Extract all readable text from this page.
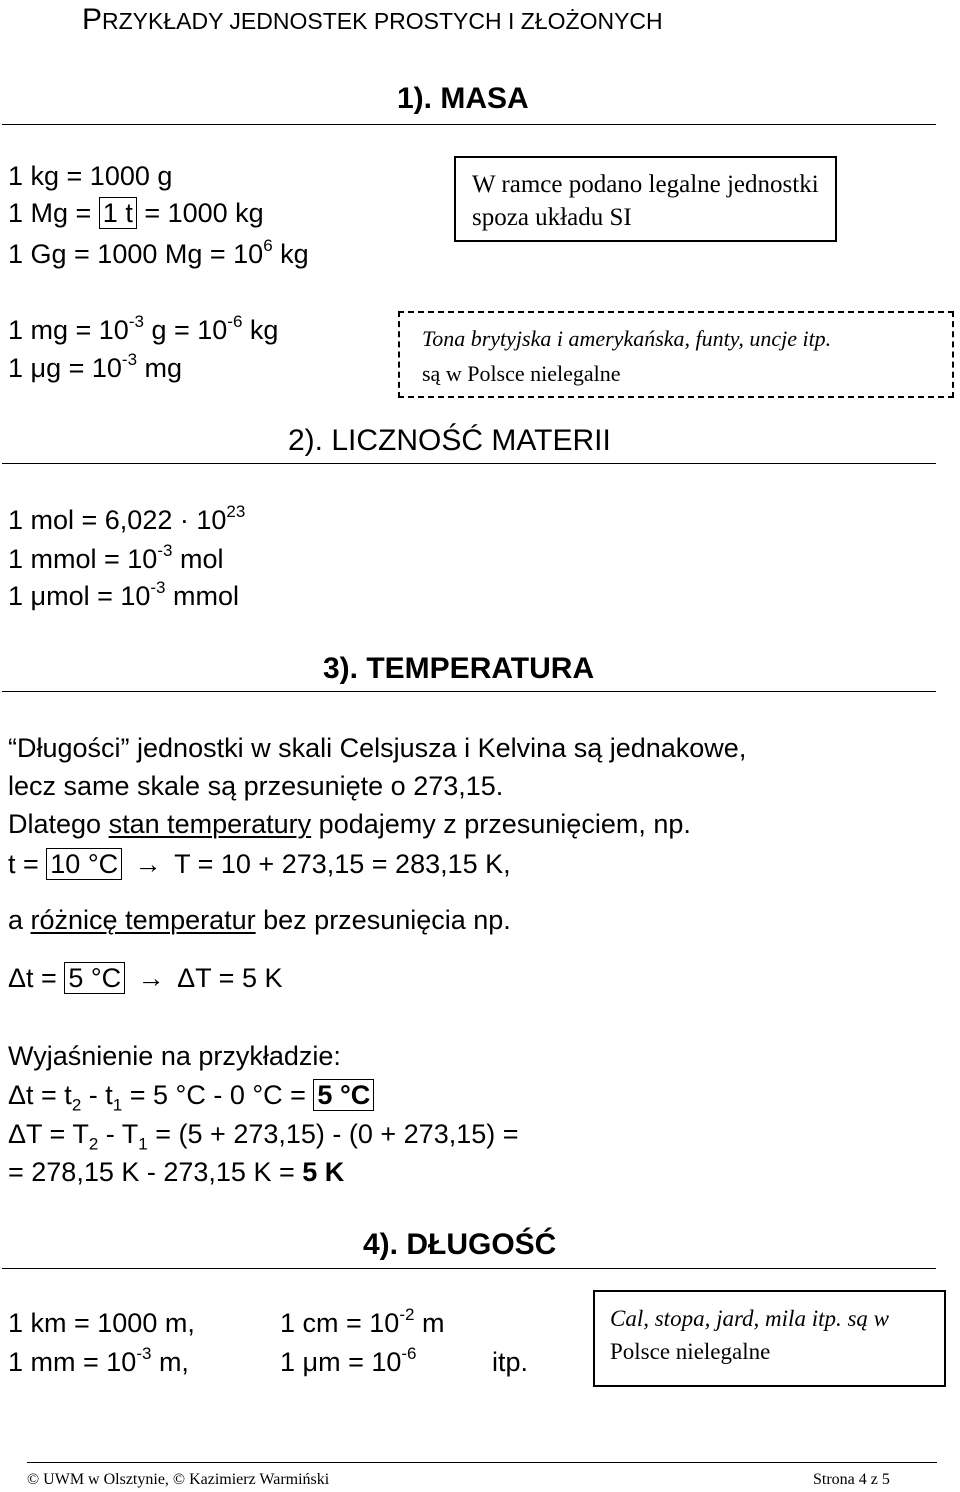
PRZYKŁADY JEDNOSTEK PROSTYCH I ZŁOŻONYCH
1). MASA
1 kg = 1000 g
1 Mg = 1 t = 1000 kg
1 Gg = 1000 $Mg = 10^6$ kg
1 mg = $10^{-3}$ $g = 10^{-6}$ kg
1 $\mu g = 10^{-3}$ mg
W ramce podano legalne jednostki spoza układu SI
Tona brytyjska i amerykańska, funty, uncje itp.
są w Polsce nielegalne
2). LICZNOŚĆ MATERII
1 mol = $6,022 \cdot 10^{23}$
1 mmol = $10^{-3}$ mol
1 $\mu mol = 10^{-3}$ mmol
3). TEMPERATURA
“Długości” jednostki w skali Celsjusza i Kelvina są jednakowe,
lecz same skale są przesunięte o 273,15.
Dlatego stan temperatury podajemy z przesunięciem, np.
t = 10 °C → T = 10 + 273,15 = 283,15 K,
a różnicę temperatur bez przesunięcia np.
Δt = 5 °C → ΔT = 5 K
Wyjaśnienie na przykładzie:
$\Delta t = t_2 - t_1 = 5$ °C - 0 °C = 5 °C
$\Delta T = T_2 - T_1 = (5 + 273,15) - (0 + 273,15)$ =
= 278,15 K - 273,15 K = 5 K
4). DŁUGOŚĆ
1 km = 1000 m,	1 cm = $10^{-2}$ m
1 mm = $10^{-3}$ m,	1 $\mu m = 10^{-6}$	itp.
Cal, stopa, jard, mila itp. są w
Polsce nielegalne
© UWM w Olsztynie, © Kazimierz Warmiński	Strona 4 z 5
